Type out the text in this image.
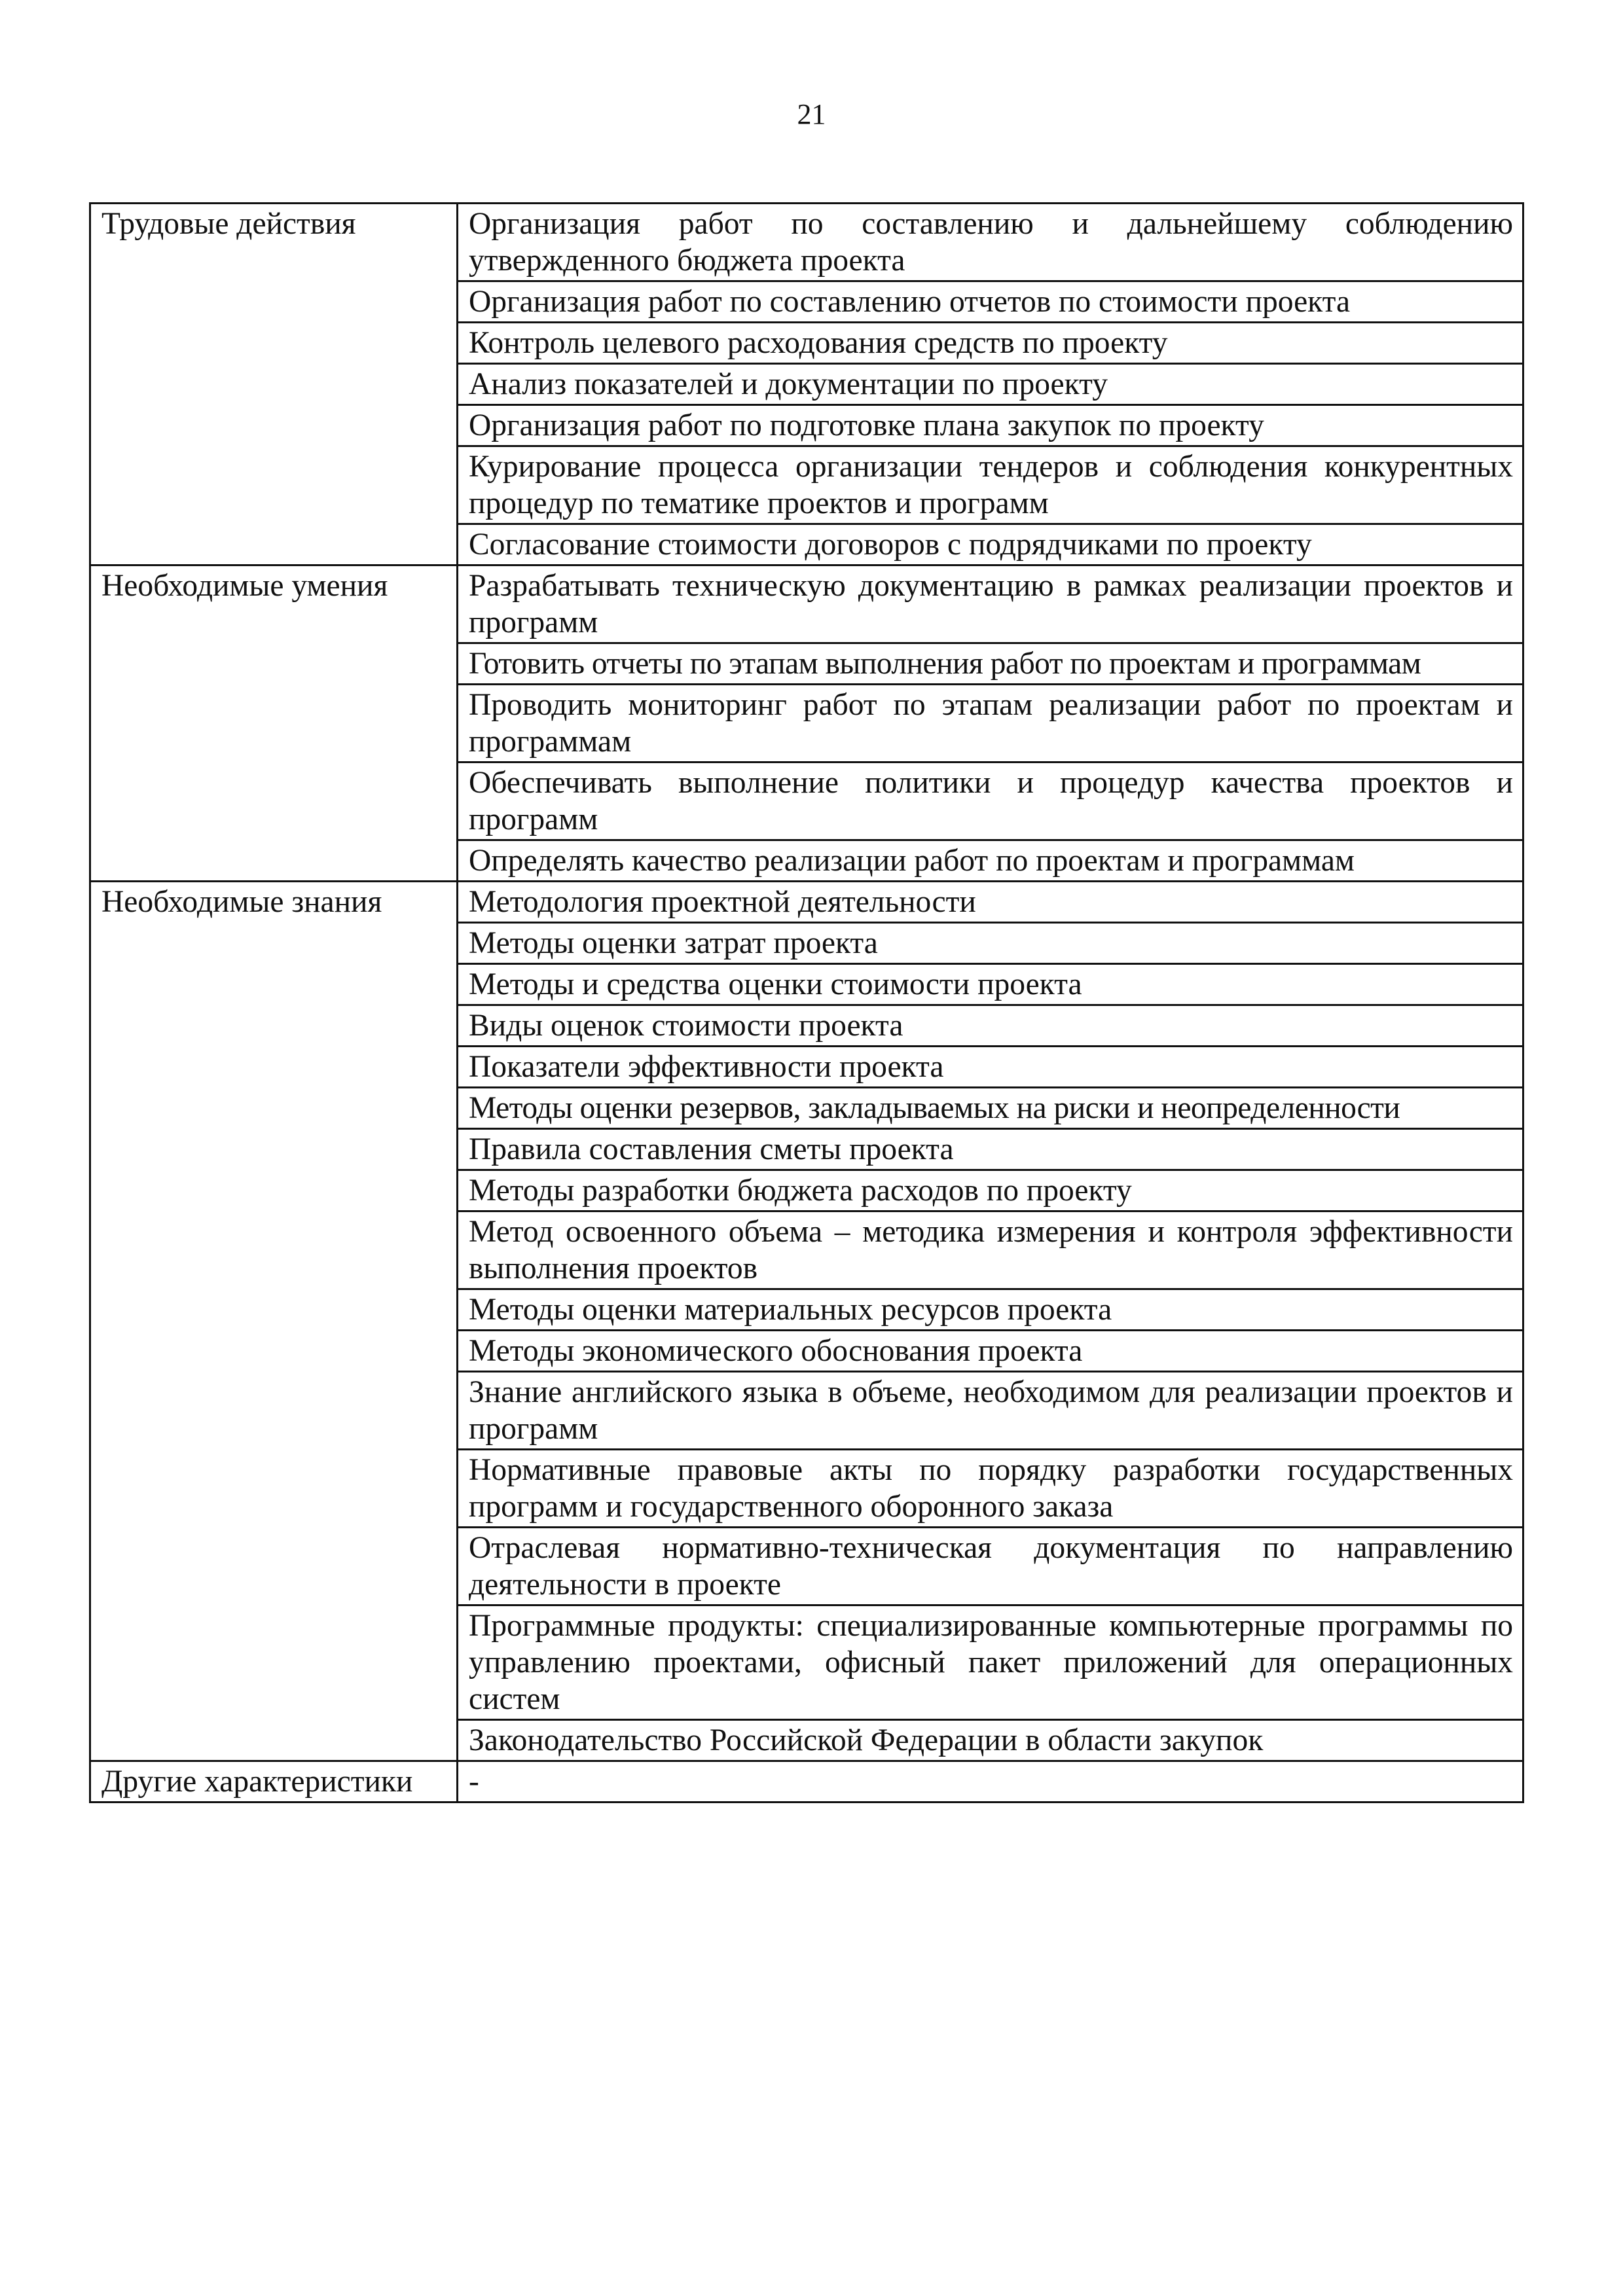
21
Трудовые действия	Организация работ по составлению и дальнейшему соблюдению утвержденного бюджета проекта
	Организация работ по составлению отчетов по стоимости проекта
	Контроль целевого расходования средств по проекту
	Анализ показателей и документации по проекту
	Организация работ по подготовке плана закупок по проекту
	Курирование процесса организации тендеров и соблюдения конкурентных процедур по тематике проектов и программ
	Согласование стоимости договоров с подрядчиками по проекту
Необходимые умения	Разрабатывать техническую документацию в рамках реализации проектов и программ
	Готовить отчеты по этапам выполнения работ по проектам и программам
	Проводить мониторинг работ по этапам реализации работ по проектам и программам
	Обеспечивать выполнение политики и процедур качества проектов и программ
	Определять качество реализации работ по проектам и программам
Необходимые знания	Методология проектной деятельности
	Методы оценки затрат проекта
	Методы и средства оценки стоимости проекта
	Виды оценок стоимости проекта
	Показатели эффективности проекта
	Методы оценки резервов, закладываемых на риски и неопределенности
	Правила составления сметы проекта
	Методы разработки бюджета расходов по проекту
	Метод освоенного объема – методика измерения и контроля эффективности выполнения проектов
	Методы оценки материальных ресурсов проекта
	Методы экономического обоснования проекта
	Знание английского языка в объеме, необходимом для реализации проектов и программ
	Нормативные правовые акты по порядку разработки государственных программ и государственного оборонного заказа
	Отраслевая нормативно-техническая документация по направлению деятельности в проекте
	Программные продукты: специализированные компьютерные программы по управлению проектами, офисный пакет приложений для операционных систем
	Законодательство Российской Федерации в области закупок
Другие характеристики	-
